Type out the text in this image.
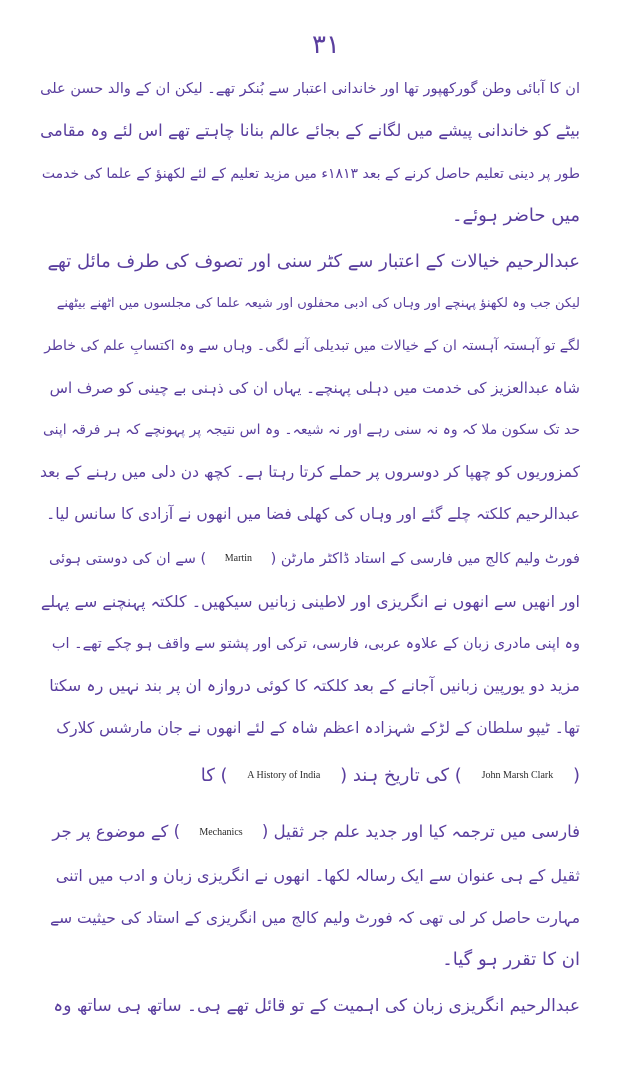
۳۱
ان کا آبائی وطن گورکھپور تھا اور خاندانی اعتبار سے بُنکر تھے۔ لیکن ان کے والد حسن علی
بیٹے کو خاندانی پیشے میں لگانے کے بجائے عالم بنانا چاہتے تھے اس لئے وہ مقامی
طور پر دینی تعلیم حاصل کرنے کے بعد ۱۸۱۳ء میں مزید تعلیم کے لئے لکھنؤ کے علما کی خدمت
میں حاضر ہوئے۔
عبدالرحیم خیالات کے اعتبار سے کٹر سنی اور تصوف کی طرف مائل تھے
لیکن جب وہ لکھنؤ پہنچے اور وہاں کی ادبی محفلوں اور شیعہ علما کی مجلسوں میں اٹھنے بیٹھنے
لگے تو آہستہ آہستہ ان کے خیالات میں تبدیلی آنے لگی۔ وہاں سے وہ اکتسابِ علم کی خاطر
شاہ عبدالعزیز کی خدمت میں دہلی پہنچے۔ یہاں ان کی ذہنی بے چینی کو صرف اس
حد تک سکون ملا کہ وہ نہ سنی رہے اور نہ شیعہ۔ وہ اس نتیجہ پر پہونچے کہ ہر فرقہ اپنی
کمزوریوں کو چھپا کر دوسروں پر حملے کرتا رہتا ہے۔ کچھ دن دلی میں رہنے کے بعد
عبدالرحیم کلکتہ چلے گئے اور وہاں کی کھلی فضا میں انھوں نے آزادی کا سانس لیا۔
فورٹ ولیم کالج میں فارسی کے استاد ڈاکٹر مارٹن ( Martin ) سے ان کی دوستی ہوئی
اور انھیں سے انھوں نے انگریزی اور لاطینی زبانیں سیکھیں۔ کلکتہ پہنچنے سے پہلے
وہ اپنی مادری زبان کے علاوہ عربی، فارسی، ترکی اور پشتو سے واقف ہو چکے تھے۔ اب
مزید دو یورپین زبانیں آجانے کے بعد کلکتہ کا کوئی دروازہ ان پر بند نہیں رہ سکتا
تھا۔ ٹیپو سلطان کے لڑکے شہزادہ اعظم شاہ کے لئے انھوں نے جان مارشس کلارک
( John Marsh Clark ) کی تاریخ ہند ( A History of India ) کا
فارسی میں ترجمہ کیا اور جدید علم جر ثقیل ( Mechanics ) کے موضوع پر جر
ثقیل کے ہی عنوان سے ایک رسالہ لکھا۔ انھوں نے انگریزی زبان و ادب میں اتنی
مہارت حاصل کر لی تھی کہ فورٹ ولیم کالج میں انگریزی کے استاد کی حیثیت سے
ان کا تقرر ہو گیا۔
عبدالرحیم انگریزی زبان کی اہمیت کے تو قائل تھے ہی۔ ساتھ ہی ساتھ وہ
